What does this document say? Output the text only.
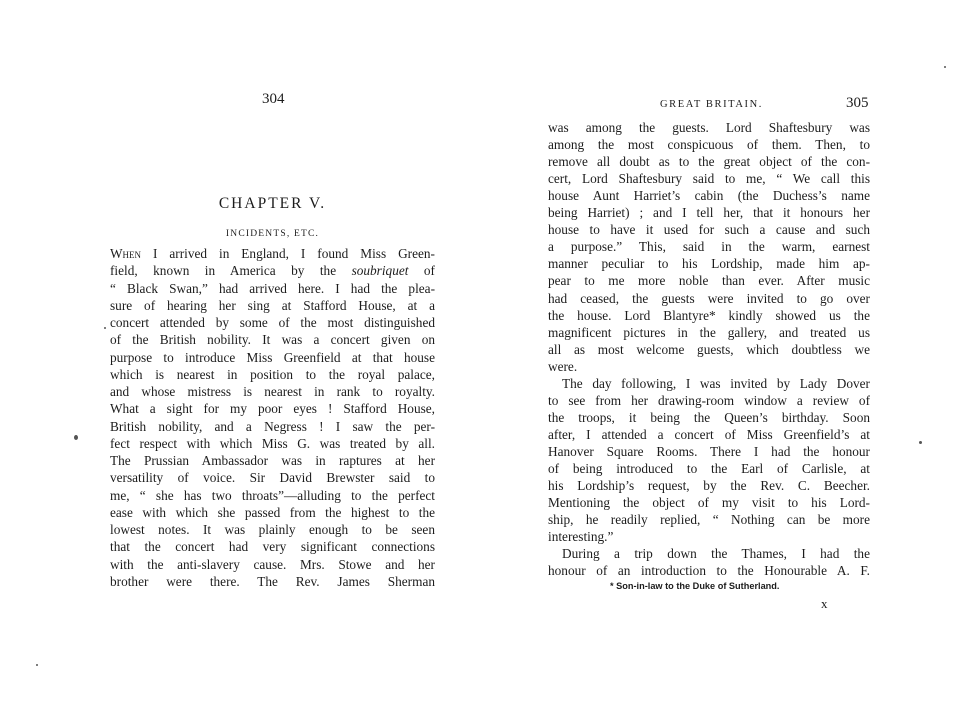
304
CHAPTER V.
INCIDENTS, ETC.
When I arrived in England, I found Miss Green-
field, known in America by the soubriquet of
“ Black Swan,” had arrived here. I had the plea-
sure of hearing her sing at Stafford House, at a
concert attended by some of the most distinguished
of the British nobility. It was a concert given on
purpose to introduce Miss Greenfield at that house
which is nearest in position to the royal palace,
and whose mistress is nearest in rank to royalty.
What a sight for my poor eyes ! Stafford House,
British nobility, and a Negress ! I saw the per-
fect respect with which Miss G. was treated by all.
The Prussian Ambassador was in raptures at her
versatility of voice. Sir David Brewster said to
me, “ she has two throats”—alluding to the perfect
ease with which she passed from the highest to the
lowest notes. It was plainly enough to be seen
that the concert had very significant connections
with the anti-slavery cause. Mrs. Stowe and her
brother were there. The Rev. James Sherman
GREAT BRITAIN.	305
was among the guests. Lord Shaftesbury was
among the most conspicuous of them. Then, to
remove all doubt as to the great object of the con-
cert, Lord Shaftesbury said to me, “ We call this
house Aunt Harriet’s cabin (the Duchess’s name
being Harriet) ; and I tell her, that it honours her
house to have it used for such a cause and such
a purpose.” This, said in the warm, earnest
manner peculiar to his Lordship, made him ap-
pear to me more noble than ever. After music
had ceased, the guests were invited to go over
the house. Lord Blantyre* kindly showed us the
magnificent pictures in the gallery, and treated us
all as most welcome guests, which doubtless we
were.
The day following, I was invited by Lady Dover
to see from her drawing-room window a review of
the troops, it being the Queen’s birthday. Soon
after, I attended a concert of Miss Greenfield’s at
Hanover Square Rooms. There I had the honour
of being introduced to the Earl of Carlisle, at
his Lordship’s request, by the Rev. C. Beecher.
Mentioning the object of my visit to his Lord-
ship, he readily replied, “ Nothing can be more
interesting.”
During a trip down the Thames, I had the
honour of an introduction to the Honourable A. F.
* Son-in-law to the Duke of Sutherland.
x
